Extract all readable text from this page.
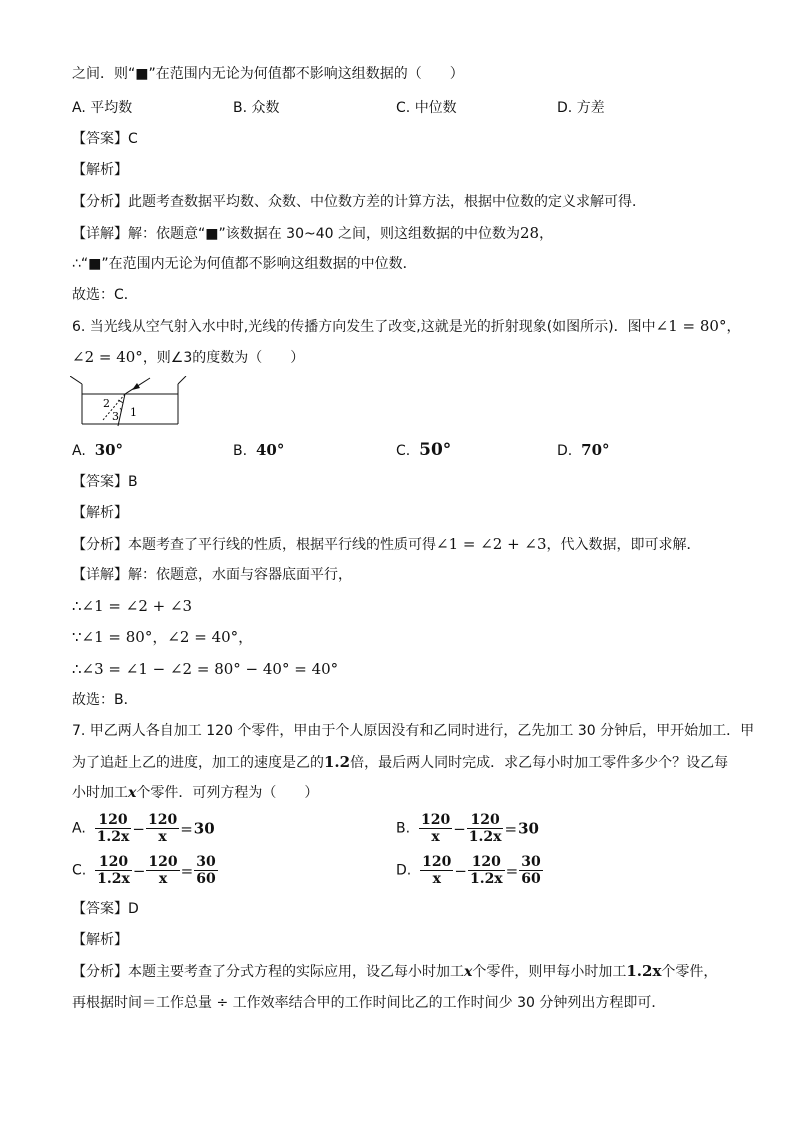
之间．则“■”在范围内无论为何值都不影响这组数据的（　　）
A. 平均数	B. 众数	C. 中位数	D. 方差
【答案】C
【解析】
【分析】此题考查数据平均数、众数、中位数方差的计算方法，根据中位数的定义求解可得．
【详解】解：依题意“■”该数据在 30~40 之间，则这组数据的中位数为28，
∴“■”在范围内无论为何值都不影响这组数据的中位数．
故选：C．
6. 当光线从空气射入水中时,光线的传播方向发生了改变,这就是光的折射现象(如图所示)．图中∠1 = 80°，
∠2 = 40°，则∠3的度数为（　　）
2
3 1
A. 30°	B. 40°	C. 50°	D. 70°
【答案】B
【解析】
【分析】本题考查了平行线的性质，根据平行线的性质可得∠1 = ∠2 + ∠3，代入数据，即可求解．
【详解】解：依题意，水面与容器底面平行，
∴∠1 = ∠2 + ∠3
∵∠1 = 80°，∠2 = 40°，
∴∠3 = ∠1 − ∠2 = 80° − 40° = 40°
故选：B．
7. 甲乙两人各自加工 120 个零件，甲由于个人原因没有和乙同时进行，乙先加工 30 分钟后，甲开始加工．甲
为了追赶上乙的进度，加工的速度是乙的1.2倍，最后两人同时完成．求乙每小时加工零件多少个？设乙每
小时加工x个零件．可列方程为（　　）
A. $\frac{120}{1.2x} - \frac{120}{x} =30$	B. $\frac{120}{x} - \frac{120}{1.2x} =30$
C. $\frac{120}{1.2x} - \frac{120}{x} = \frac{30}{60}$	D. $\frac{120}{x} - \frac{120}{1.2x} = \frac{30}{60}$
【答案】D
【解析】
【分析】本题主要考查了分式方程的实际应用，设乙每小时加工x个零件，则甲每小时加工1.2x个零件，
再根据时间＝工作总量 ÷ 工作效率结合甲的工作时间比乙的工作时间少 30 分钟列出方程即可．
